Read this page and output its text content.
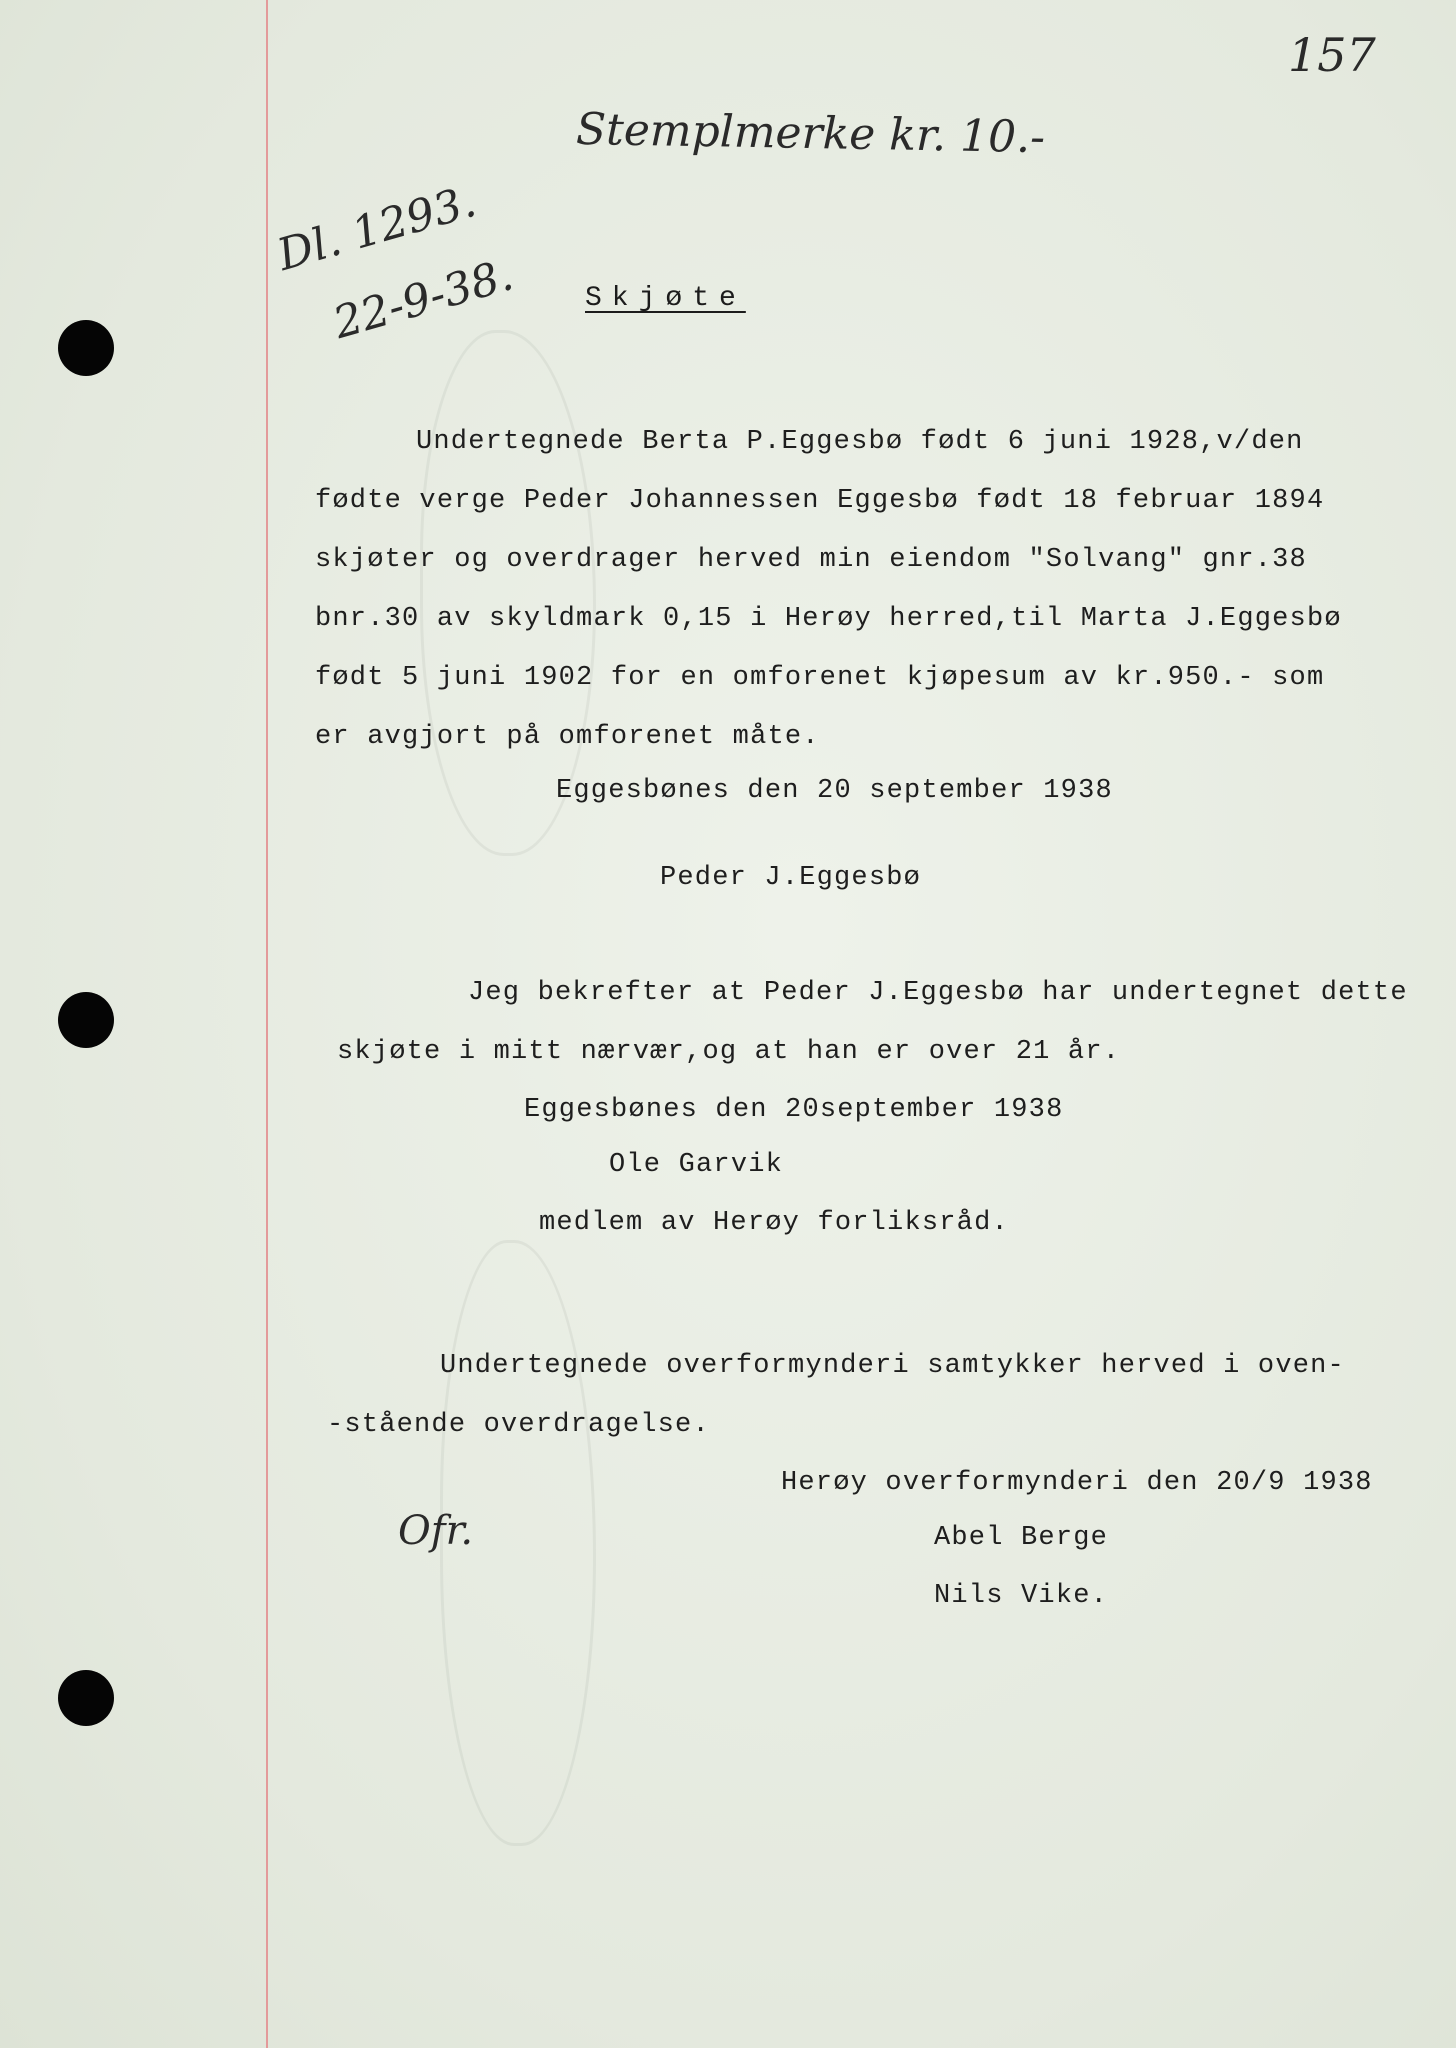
157
Stemplmerke kr. 10.-
Dl. 1293.
22-9-38. Skjøte
Undertegnede Berta P.Eggesbø født 6 juni 1928,v/den
fødte verge Peder Johannessen Eggesbø født 18 februar 1894
skjøter og overdrager herved min eiendom "Solvang" gnr.38
bnr.30 av skyldmark 0,15 i Herøy herred,til Marta J.Eggesbø
født 5 juni 1902 for en omforenet kjøpesum av kr.950.- som
er avgjort på omforenet måte.
Eggesbønes den 20 september 1938
Peder J.Eggesbø
Jeg bekrefter at Peder J.Eggesbø har undertegnet dette
skjøte i mitt nærvær,og at han er over 21 år.
Eggesbønes den 20september 1938
Ole Garvik
medlem av Herøy forliksråd.
Undertegnede overformynderi samtykker herved i oven-
-stående overdragelse.
Herøy overformynderi den 20/9 1938
Ofr.	Abel Berge
Nils Vike.
